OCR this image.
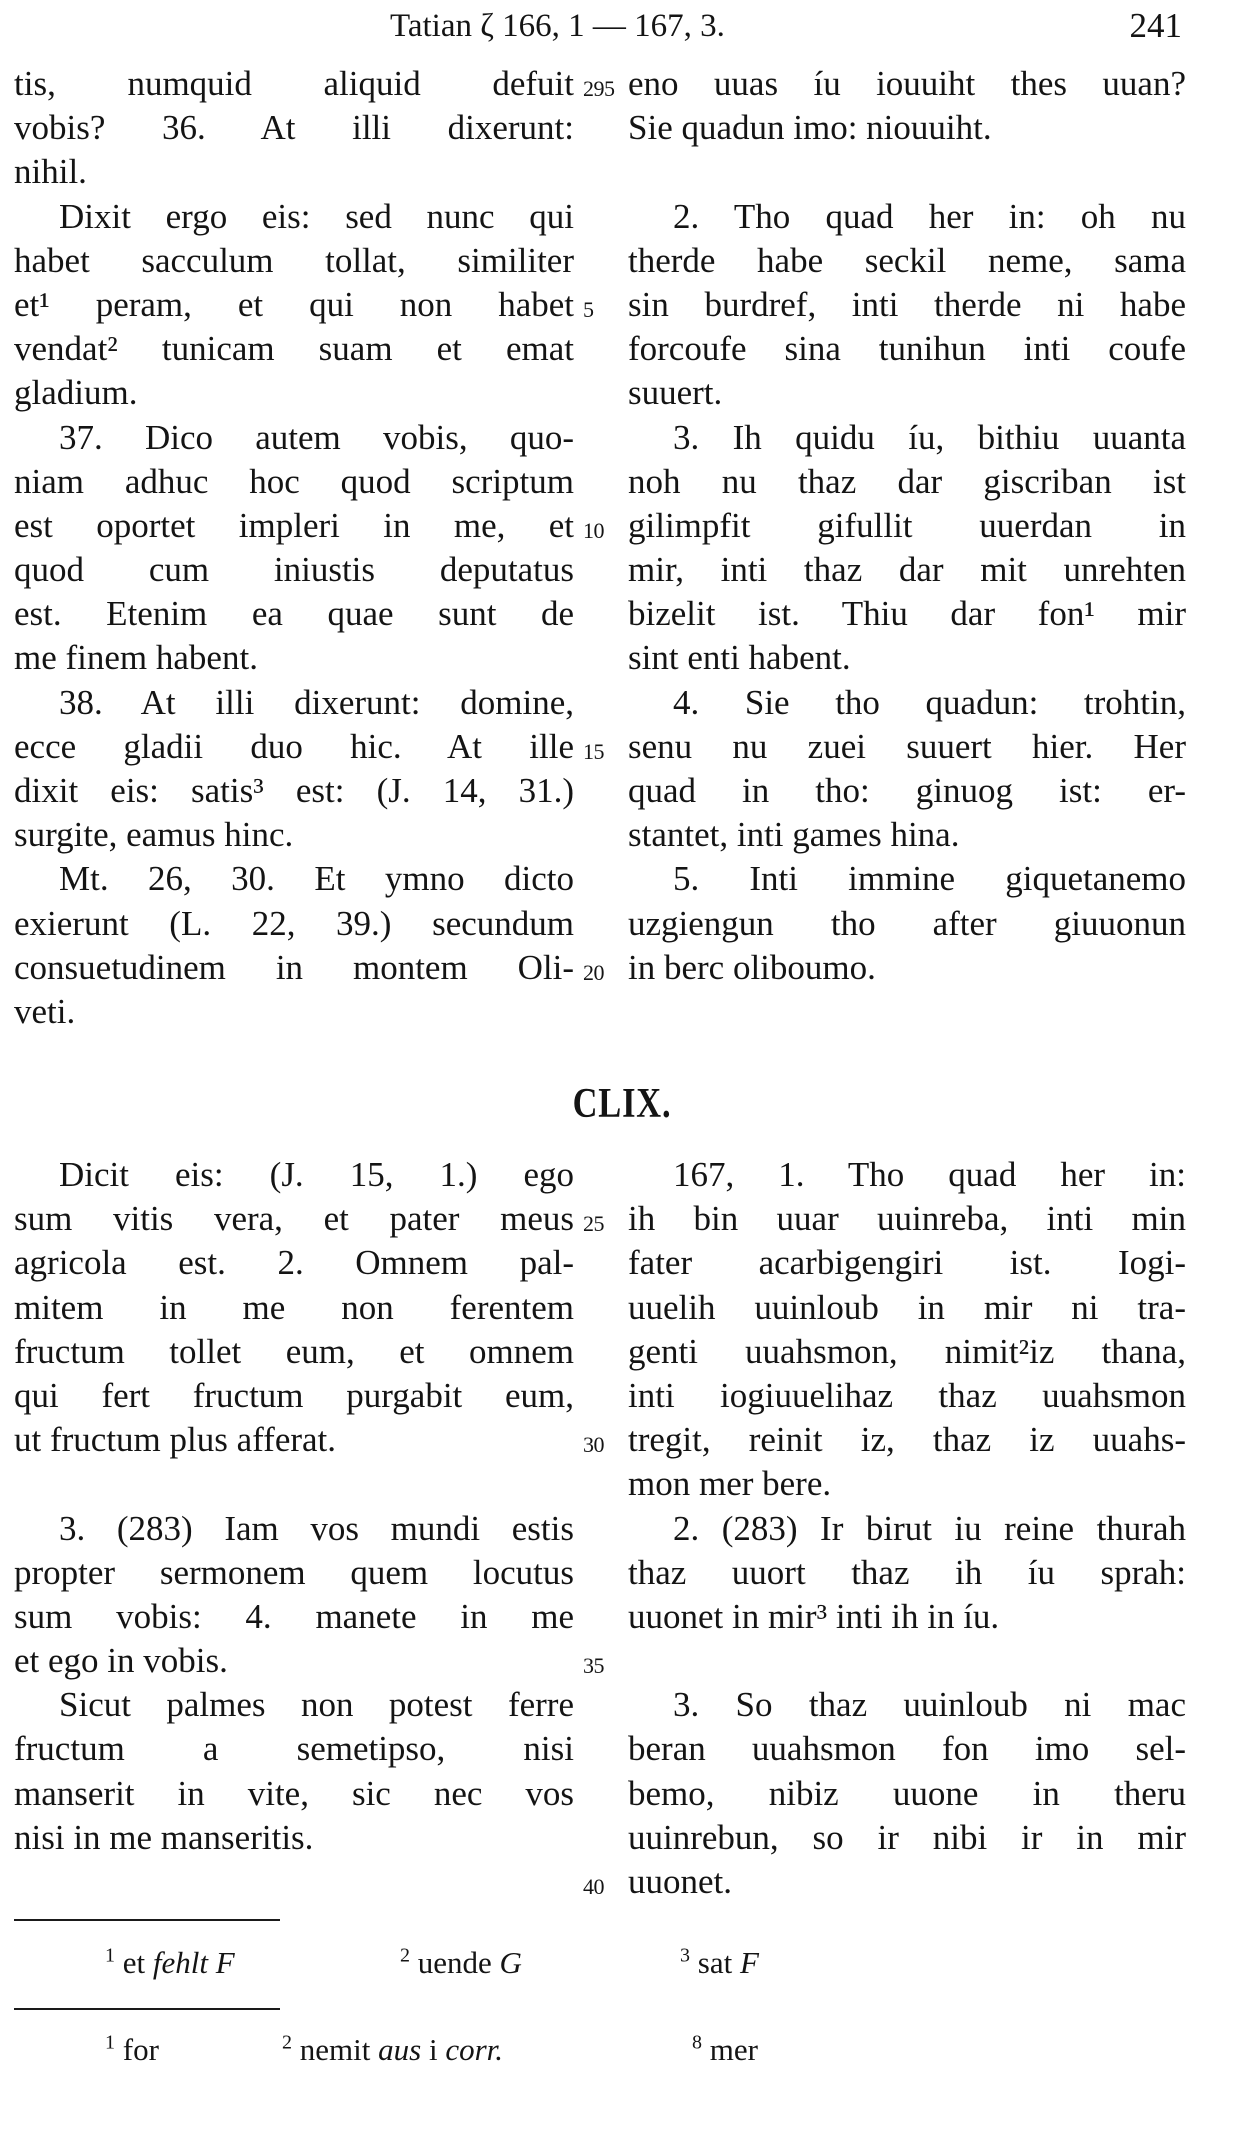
Tatian ζ 166, 1 — 167, 3.	241
tis, numquid aliquid defuit
vobis? 36. At illi dixerunt:
nihil.
Dixit ergo eis: sed nunc qui
habet sacculum tollat, similiter
et¹ peram, et qui non habet
vendat² tunicam suam et emat
gladium.
37. Dico autem vobis, quo-
niam adhuc hoc quod scriptum
est oportet impleri in me, et
quod cum iniustis deputatus
est. Etenim ea quae sunt de
me finem habent.
38. At illi dixerunt: domine,
ecce gladii duo hic. At ille
dixit eis: satis³ est: (J. 14, 31.)
surgite, eamus hinc.
Mt. 26, 30. Et ymno dicto
exierunt (L. 22, 39.) secundum
consuetudinem in montem Oli-
veti.
eno uuas íu iouuiht thes uuan?
Sie quadun imo: niouuiht.
2. Tho quad her in: oh nu
therde habe seckil neme, sama
sin burdref, inti therde ni habe
forcoufe sina tunihun inti coufe
suuert.
3. Ih quidu íu, bithiu uuanta
noh nu thaz dar giscriban ist
gilimpfit gifullit uuerdan in
mir, inti thaz dar mit unrehten
bizelit ist. Thiu dar fon¹ mir
sint enti habent.
4. Sie tho quadun: trohtin,
senu nu zuei suuert hier. Her
quad in tho: ginuog ist: er-
stantet, inti games hina.
5. Inti immine giquetanemo
uzgiengun tho after giuuonun
in berc oliboumo.
295
5
10
15
20
CLIX.
Dicit eis: (J. 15, 1.) ego
sum vitis vera, et pater meus
agricola est. 2. Omnem pal-
mitem in me non ferentem
fructum tollet eum, et omnem
qui fert fructum purgabit eum,
ut fructum plus afferat.
3. (283) Iam vos mundi estis
propter sermonem quem locutus
sum vobis: 4. manete in me
et ego in vobis.
Sicut palmes non potest ferre
fructum a semetipso, nisi
manserit in vite, sic nec vos
nisi in me manseritis.
167, 1. Tho quad her in:
ih bin uuar uuinreba, inti min
fater acarbigengiri ist. Iogi-
uuelih uuinloub in mir ni tra-
genti uuahsmon, nimit²iz thana,
inti iogiuuelihaz thaz uuahsmon
tregit, reinit iz, thaz iz uuahs-
mon mer bere.
2. (283) Ir birut iu reine thurah
thaz uuort thaz ih íu sprah:
uuonet in mir³ inti ih in íu.
3. So thaz uuinloub ni mac
beran uuahsmon fon imo sel-
bemo, nibiz uuone in theru
uuinrebun, so ir nibi ir in mir
uuonet.
25
30
35
40
$^1$ et fehlt F	$^2$ uende G	$^3$ sat F
$^1$ for	$^2$ nemit aus i corr.	$^8$ mer
